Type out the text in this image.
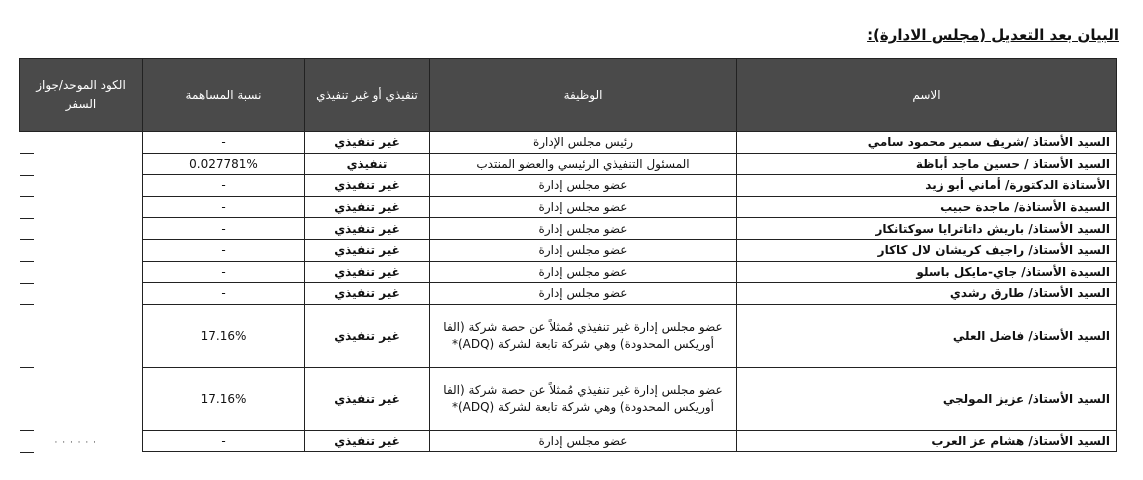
البيان بعد التعديل (مجلس الادارة):
الاسم	الوظيفة	تنفيذي أو غير تنفيذي	نسبة المساهمة	الكود الموحد/جواز السفر
السيد الأستاذ /شريف سمير محمود سامي	رئيس مجلس الإدارة	غير تنفيذي	-	

السيد الأستاذ / حسين ماجد أباظة	المسئول التنفيذي الرئيسي والعضو المنتدب	تنفيذي	0.027781%	

الأستاذة الدكتورة/ أماني أبو زيد	عضو مجلس إدارة	غير تنفيذي	-	

السيدة الأستاذة/ ماجدة حبيب	عضو مجلس إدارة	غير تنفيذي	-	

السيد الأستاذ/ باريش داتاترايا سوكتانكار	عضو مجلس إدارة	غير تنفيذي	-	

السيد الأستاذ/ راجيف كريشان لال كاكار	عضو مجلس إدارة	غير تنفيذي	-	

السيدة الأستاذ/ جاي-مايكل باسلو	عضو مجلس إدارة	غير تنفيذي	-	

السيد الأستاذ/ طارق رشدي	عضو مجلس إدارة	غير تنفيذي	-	

السيد الأستاذ/ فاضل العلي	عضو مجلس إدارة غير تنفيذي مُمثلاً عن حصة شركة (الفا أوريكس المحدودة) وهي شركة تابعة لشركة (ADQ)*	غير تنفيذي	17.16%	

السيد الأستاذ/ عزيز المولجي	عضو مجلس إدارة غير تنفيذي مُمثلاً عن حصة شركة (الفا أوريكس المحدودة) وهي شركة تابعة لشركة (ADQ)*	غير تنفيذي	17.16%	

السيد الأستاذ/ هشام عز العرب	عضو مجلس إدارة	غير تنفيذي	-	· · · · · ·
